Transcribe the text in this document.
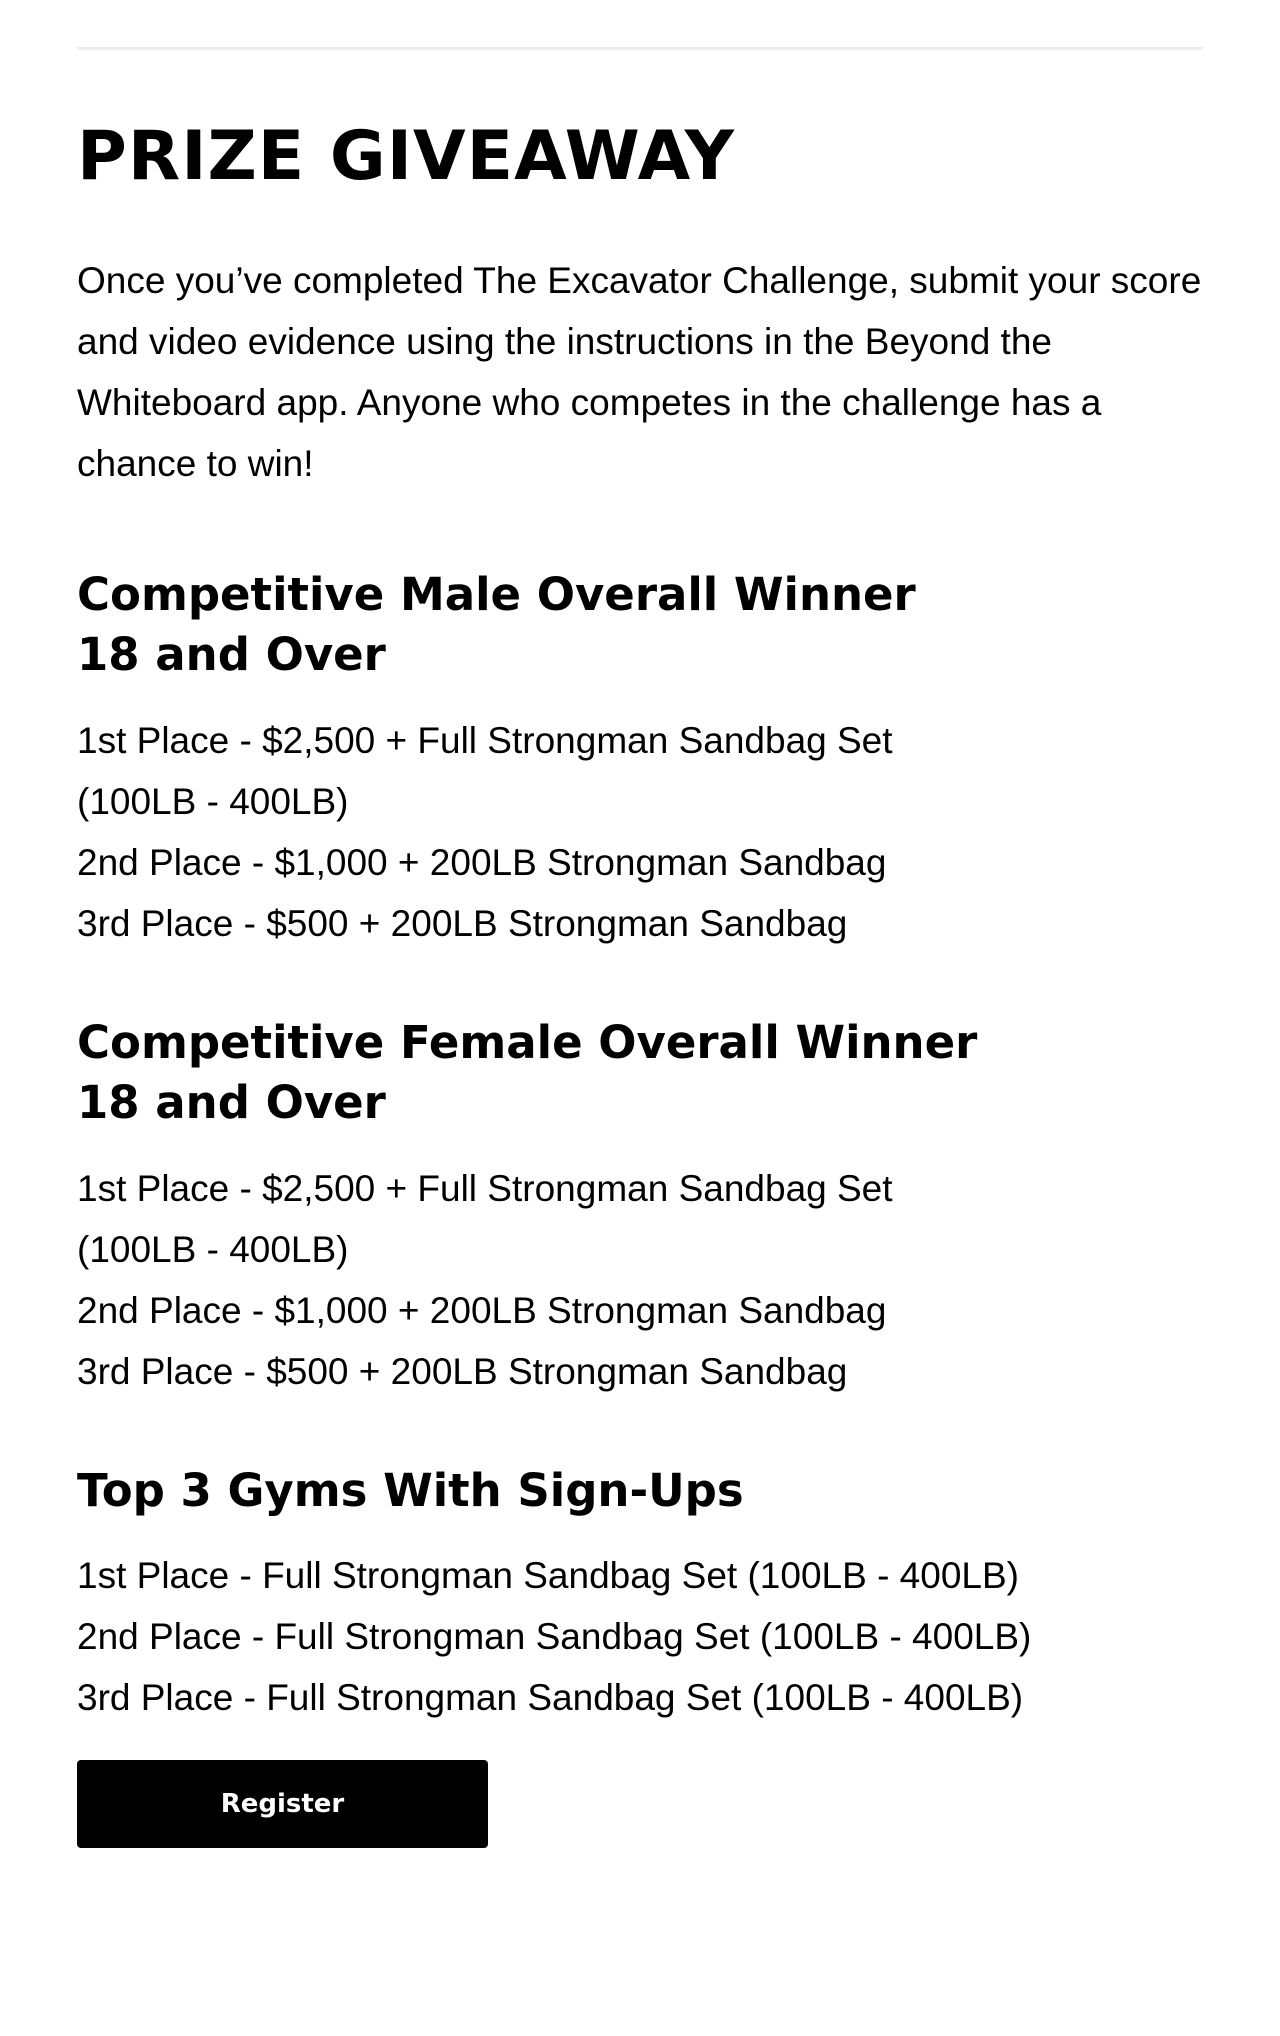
PRIZE GIVEAWAY

Once you’ve completed The Excavator Challenge, submit your score and video evidence using the instructions in the Beyond the Whiteboard app. Anyone who competes in the challenge has a chance to win!

Competitive Male Overall Winner
18 and Over
1st Place - $2,500 + Full Strongman Sandbag Set
(100LB - 400LB)
2nd Place - $1,000 + 200LB Strongman Sandbag
3rd Place - $500 + 200LB Strongman Sandbag
Competitive Female Overall Winner
18 and Over
1st Place - $2,500 + Full Strongman Sandbag Set
(100LB - 400LB)
2nd Place - $1,000 + 200LB Strongman Sandbag
3rd Place - $500 + 200LB Strongman Sandbag
Top 3 Gyms With Sign-Ups
1st Place - Full Strongman Sandbag Set (100LB - 400LB)
2nd Place - Full Strongman Sandbag Set (100LB - 400LB)
3rd Place - Full Strongman Sandbag Set (100LB - 400LB)
Register
